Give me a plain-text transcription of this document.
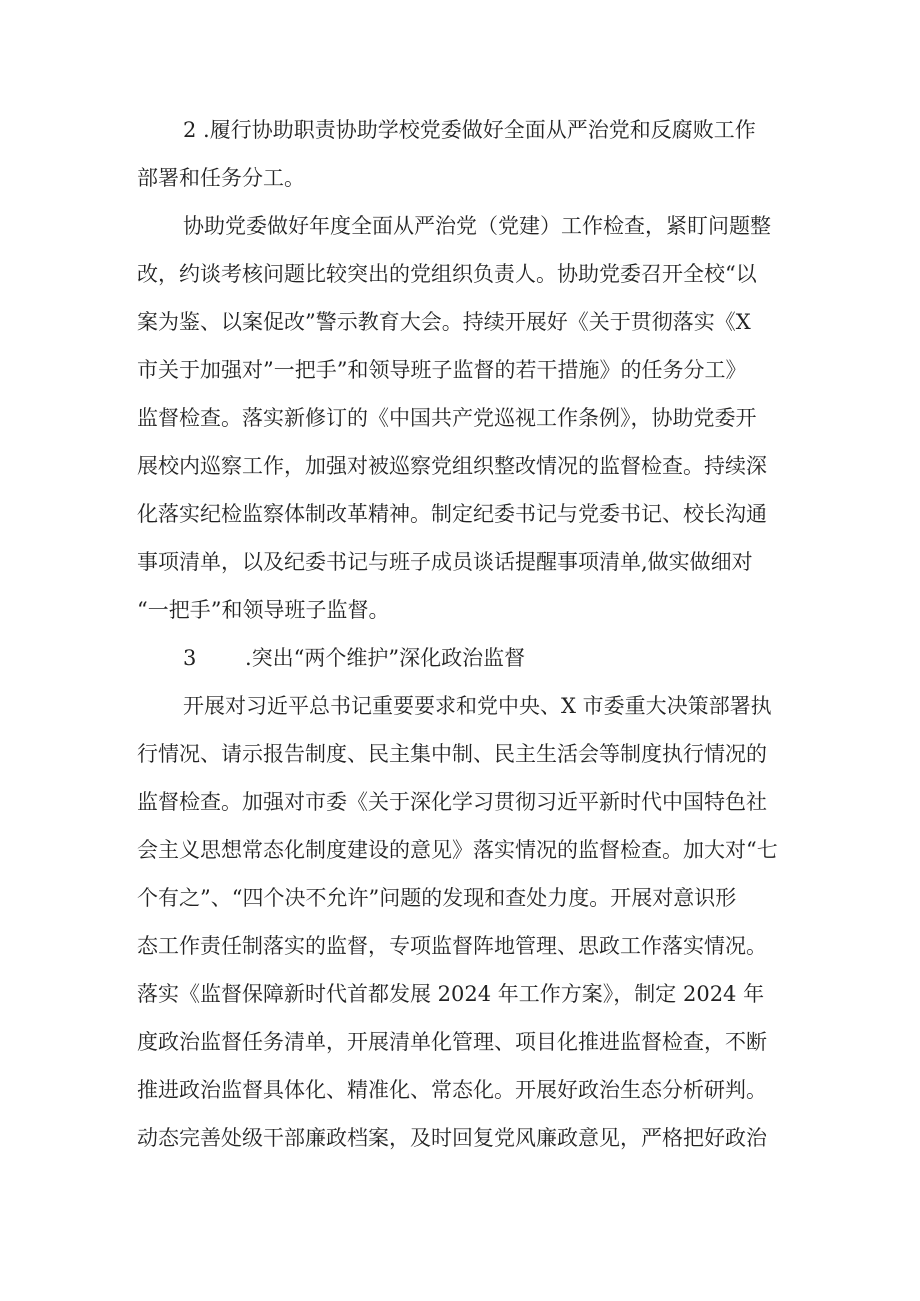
2 .履行协助职责协助学校党委做好全面从严治党和反腐败工作
部署和任务分工。
协助党委做好年度全面从严治党（党建）工作检查，紧盯问题整
改，约谈考核问题比较突出的党组织负责人。协助党委召开全校“以
案为鉴、以案促改”警示教育大会。持续开展好《关于贯彻落实《X
市关于加强对”一把手”和领导班子监督的若干措施》的任务分工》
监督检查。落实新修订的《中国共产党巡视工作条例》，协助党委开
展校内巡察工作，加强对被巡察党组织整改情况的监督检查。持续深
化落实纪检监察体制改革精神。制定纪委书记与党委书记、校长沟通
事项清单，以及纪委书记与班子成员谈话提醒事项清单,做实做细对
“一把手”和领导班子监督。
3 .突出“两个维护”深化政治监督
开展对习近平总书记重要要求和党中央、X 市委重大决策部署执
行情况、请示报告制度、民主集中制、民主生活会等制度执行情况的
监督检查。加强对市委《关于深化学习贯彻习近平新时代中国特色社
会主义思想常态化制度建设的意见》落实情况的监督检查。加大对“七
个有之”、“四个决不允许”问题的发现和查处力度。开展对意识形
态工作责任制落实的监督，专项监督阵地管理、思政工作落实情况。
落实《监督保障新时代首都发展 2024 年工作方案》，制定 2024 年
度政治监督任务清单，开展清单化管理、项目化推进监督检查，不断
推进政治监督具体化、精准化、常态化。开展好政治生态分析研判。
动态完善处级干部廉政档案，及时回复党风廉政意见，严格把好政治
